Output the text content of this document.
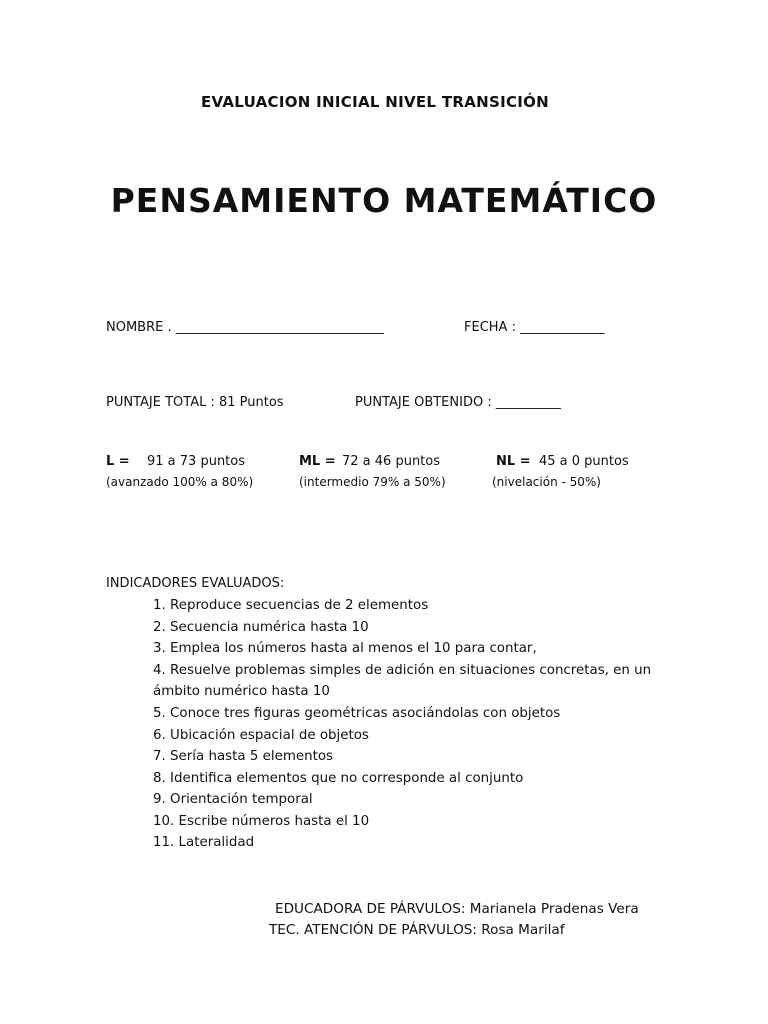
EVALUACION INICIAL NIVEL TRANSICIÓN
PENSAMIENTO MATEMÁTICO
NOMBRE . ________________________________	FECHA : _____________
PUNTAJE TOTAL : 81 Puntos	PUNTAJE OBTENIDO : __________
L = 91 a 73 puntos
(avanzado 100% a 80%)
ML = 72 a 46 puntos
(intermedio 79% a 50%)
NL = 45 a 0 puntos
(nivelación - 50%)
INDICADORES EVALUADOS:
1. Reproduce secuencias de 2 elementos
2. Secuencia numérica hasta 10
3. Emplea los números hasta al menos el 10 para contar,
4. Resuelve problemas simples de adición en situaciones concretas, en un
ámbito numérico hasta 10
5. Conoce tres figuras geométricas asociándolas con objetos
6. Ubicación espacial de objetos
7. Sería hasta 5 elementos
8. Identifica elementos que no corresponde al conjunto
9. Orientación temporal
10. Escribe números hasta el 10
11. Lateralidad
EDUCADORA DE PÁRVULOS: Marianela Pradenas Vera
TEC. ATENCIÓN DE PÁRVULOS: Rosa Marilaf
